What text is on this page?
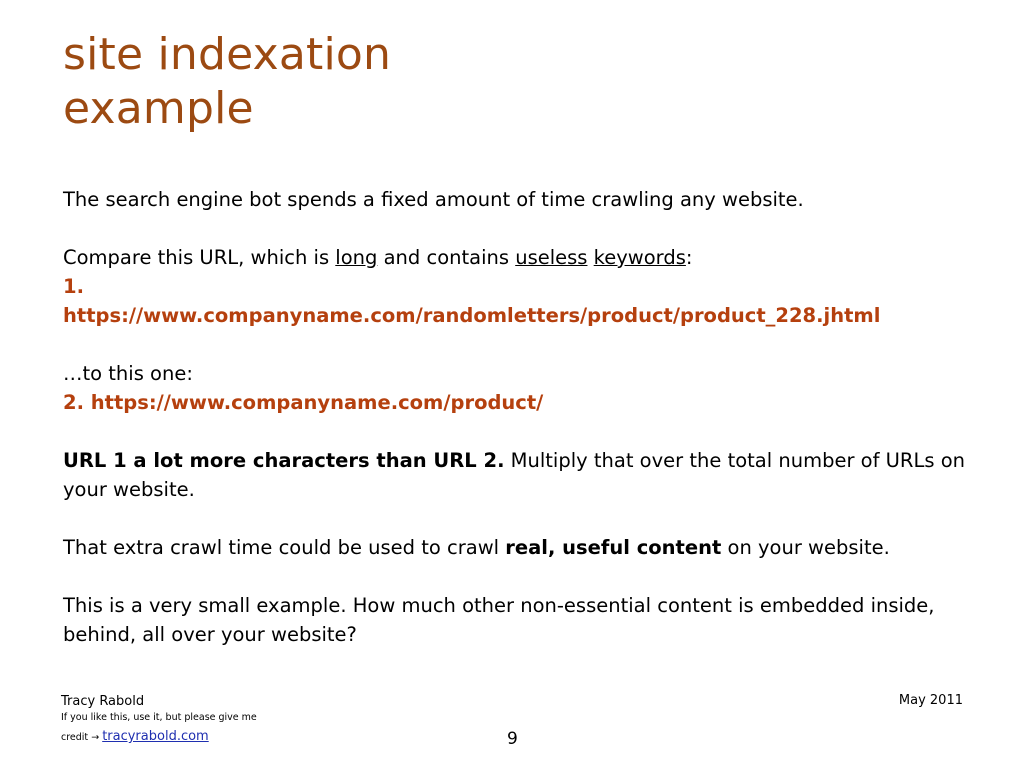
site indexation
example

The search engine bot spends a fixed amount of time crawling any website.

Compare this URL, which is long and contains useless keywords:

1.

https://www.companyname.com/randomletters/product/product_228.jhtml

…to this one:

2. https://www.companyname.com/product/

URL 1 a lot more characters than URL 2. Multiply that over the total number of URLs on your website.

That extra crawl time could be used to crawl real, useful content on your website.

This is a very small example. How much other non-essential content is embedded inside, behind, all over your website?

Tracy Rabold
If you like this, use it, but please give me
credit → tracyrabold.com
May 2011
9
